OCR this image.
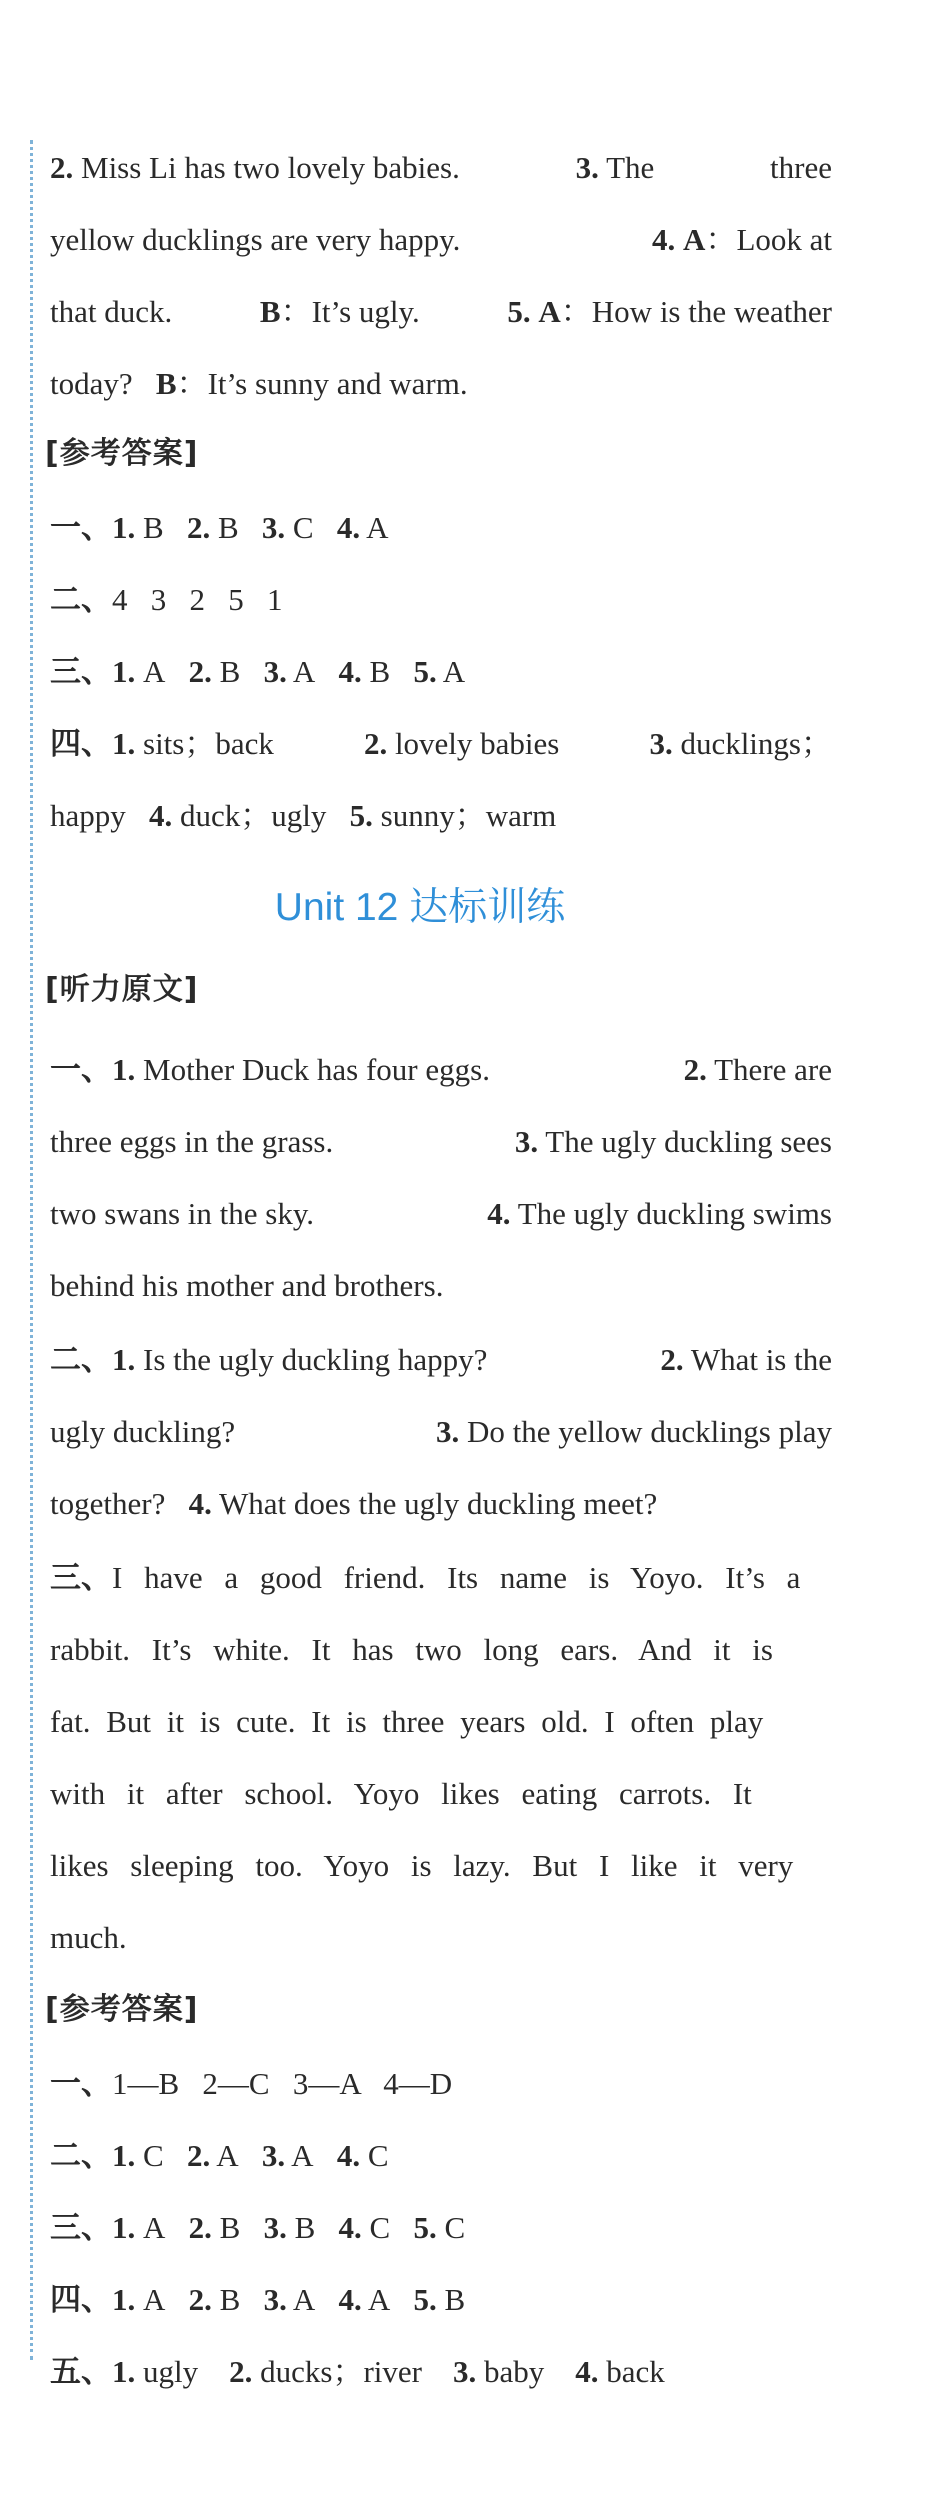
2. Miss Li has two lovely babies.	3. The	three
yellow ducklings are very happy.	4. A：Look at
that duck.	B：It’s ugly.	5. A：How is the weather
today? B：It’s sunny and warm.
[参考答案]
一、1. B 2. B 3. C 4. A
二、4   3   2   5   1
三、1. A 2. B 3. A 4. B 5. A
四、1. sits；back	2. lovely babies	3. ducklings；
happy 4. duck；ugly 5. sunny；warm
Unit 12 达标训练
[听力原文]
一、1. Mother Duck has four eggs.	2. There are
three eggs in the grass.	3. The ugly duckling sees
two swans in the sky.	4. The ugly duckling swims
behind his mother and brothers.
二、1. Is the ugly duckling happy?	2. What is the
ugly duckling?	3. Do the yellow ducklings play
together? 4. What does the ugly duckling meet?
三、I have a good friend. Its name is Yoyo. It’s a
rabbit. It’s white. It has two long ears. And it is
fat. But it is cute. It is three years old. I often play
with it after school. Yoyo likes eating carrots. It
likes sleeping too. Yoyo is lazy. But I like it very
much.
[参考答案]
一、1—B   2—C   3—A   4—D
二、1. C 2. A 3. A 4. C
三、1. A 2. B 3. B 4. C 5. C
四、1. A 2. B 3. A 4. A 5. B
五、1. ugly 2. ducks；river 3. baby 4. back
